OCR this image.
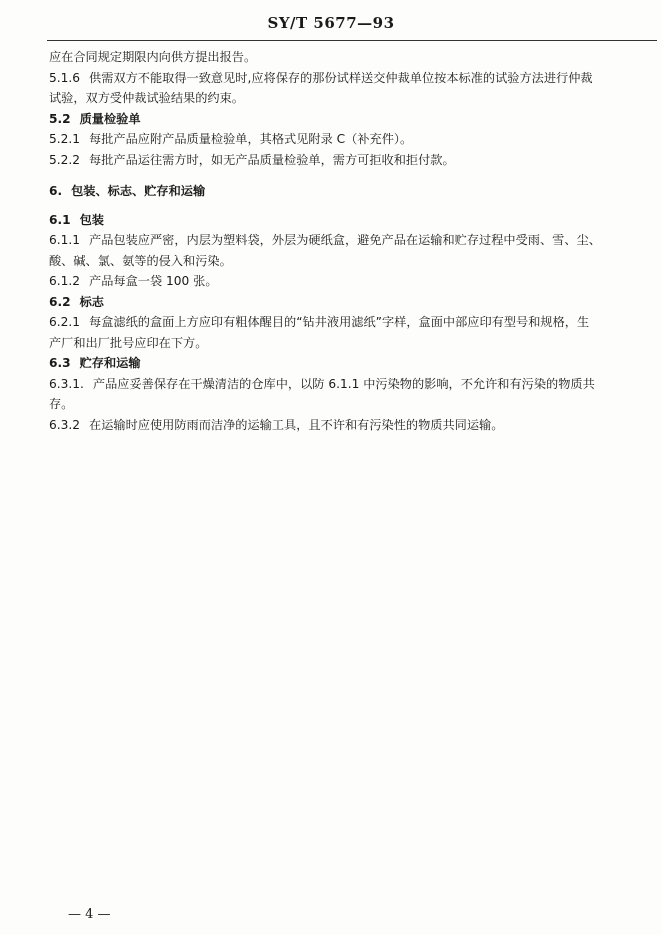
SY/T 5677—93
应在合同规定期限内向供方提出报告。
5.1.6 供需双方不能取得一致意见时,应将保存的那份试样送交仲裁单位按本标准的试验方法进行仲裁
试验，双方受仲裁试验结果的约束。
5.2 质量检验单
5.2.1 每批产品应附产品质量检验单，其格式见附录 C（补充件）。
5.2.2 每批产品运往需方时，如无产品质量检验单，需方可拒收和拒付款。
6. 包装、标志、贮存和运输
6.1 包装
6.1.1 产品包装应严密，内层为塑料袋，外层为硬纸盒，避免产品在运输和贮存过程中受雨、雪、尘、
酸、碱、氯、氨等的侵入和污染。
6.1.2 产品每盒一袋 100 张。
6.2 标志
6.2.1 每盒滤纸的盒面上方应印有粗体醒目的“钻井液用滤纸”字样，盒面中部应印有型号和规格，生
产厂和出厂批号应印在下方。
6.3 贮存和运输
6.3.1. 产品应妥善保存在干燥清洁的仓库中，以防 6.1.1 中污染物的影响，不允许和有污染的物质共
存。
6.3.2 在运输时应使用防雨而洁净的运输工具，且不许和有污染性的物质共同运输。
— 4 —
